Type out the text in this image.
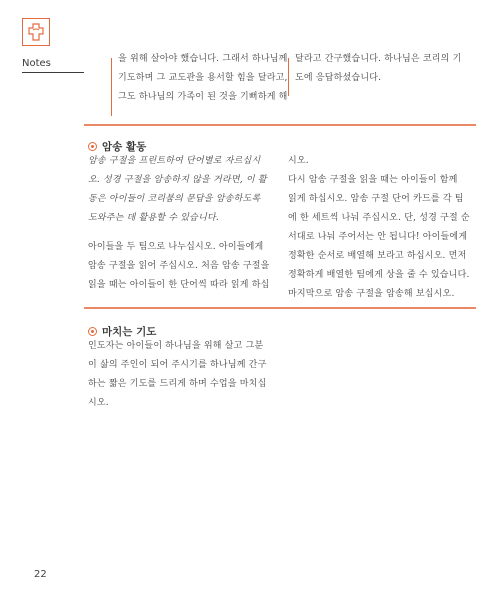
Notes	을 위해 살아야 했습니다. 그래서 하나님께
기도하며 그 교도관을 용서할 힘을 달라고,
그도 하나님의 가족이 된 것을 기뻐하게 해
달라고 간구했습니다. 하나님은 코리의 기
도에 응답하셨습니다.
암송 활동
암송 구절을 프린트하여 단어별로 자르십시
오. 성경 구절을 암송하지 않을 거라면, 이 활
동은 아이들이 코리붐의 문답을 암송하도록
도와주는 데 활용할 수 있습니다.
아이들을 두 팀으로 나누십시오. 아이들에게
암송 구절을 읽어 주십시오. 처음 암송 구절을
읽을 때는 아이들이 한 단어씩 따라 읽게 하십
시오.
다시 암송 구절을 읽을 때는 아이들이 함께
읽게 하십시오. 암송 구절 단어 카드를 각 팀
에 한 세트씩 나눠 주십시오. 단, 성경 구절 순
서대로 나눠 주어서는 안 됩니다! 아이들에게
정확한 순서로 배열해 보라고 하십시오. 먼저
정확하게 배열한 팀에게 상을 줄 수 있습니다.
마지막으로 암송 구절을 암송해 보십시오.
마치는 기도
인도자는 아이들이 하나님을 위해 살고 그분
이 삶의 주인이 되어 주시기를 하나님께 간구
하는 짧은 기도를 드리게 하며 수업을 마치십
시오.
22
